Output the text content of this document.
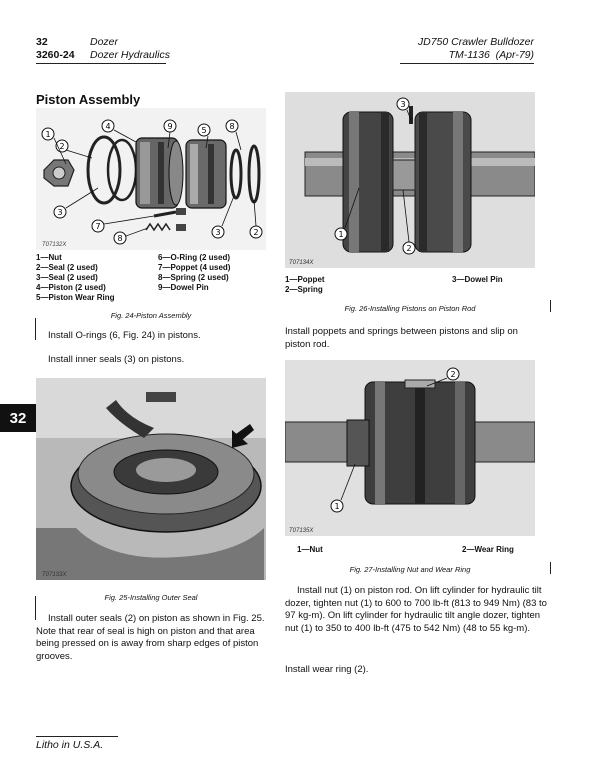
32	Dozer
3260-24 Dozer Hydraulics
JD750 Crawler Bulldozer
TM-1136 (Apr-79)
Piston Assembly
1
2
3
4	9	5	8
7
8
3	2
T07132X
1—Nut
2—Seal (2 used)
3—Seal (2 used)
4—Piston (2 used)
5—Piston Wear Ring
6—O-Ring (2 used)
7—Poppet (4 used)
8—Spring (2 used)
9—Dowel Pin
Fig. 24-Piston Assembly
Install O-rings (6, Fig. 24) in pistons.
Install inner seals (3) on pistons.
32
T07133X
Fig. 25-Installing Outer Seal
Install outer seals (2) on piston as shown in Fig. 25. Note that rear of seal is high on piston and that area being pressed on is away from sharp edges of piston grooves.
3
1
2
T07134X
1—Poppet
2—Spring
3—Dowel Pin
Fig. 26-Installing Pistons on Piston Rod
Install poppets and springs between pistons and slip on piston rod.
2
1
T07135X
1—Nut	2—Wear Ring
Fig. 27-Installing Nut and Wear Ring
Install nut (1) on piston rod. On lift cylinder for hydraulic tilt dozer, tighten nut (1) to 600 to 700 lb-ft (813 to 949 Nm) (83 to 97 kg-m). On lift cylinder for hydraulic tilt angle dozer, tighten nut (1) to 350 to 400 lb-ft (475 to 542 Nm) (48 to 55 kg-m).
Install wear ring (2).
Litho in U.S.A.
